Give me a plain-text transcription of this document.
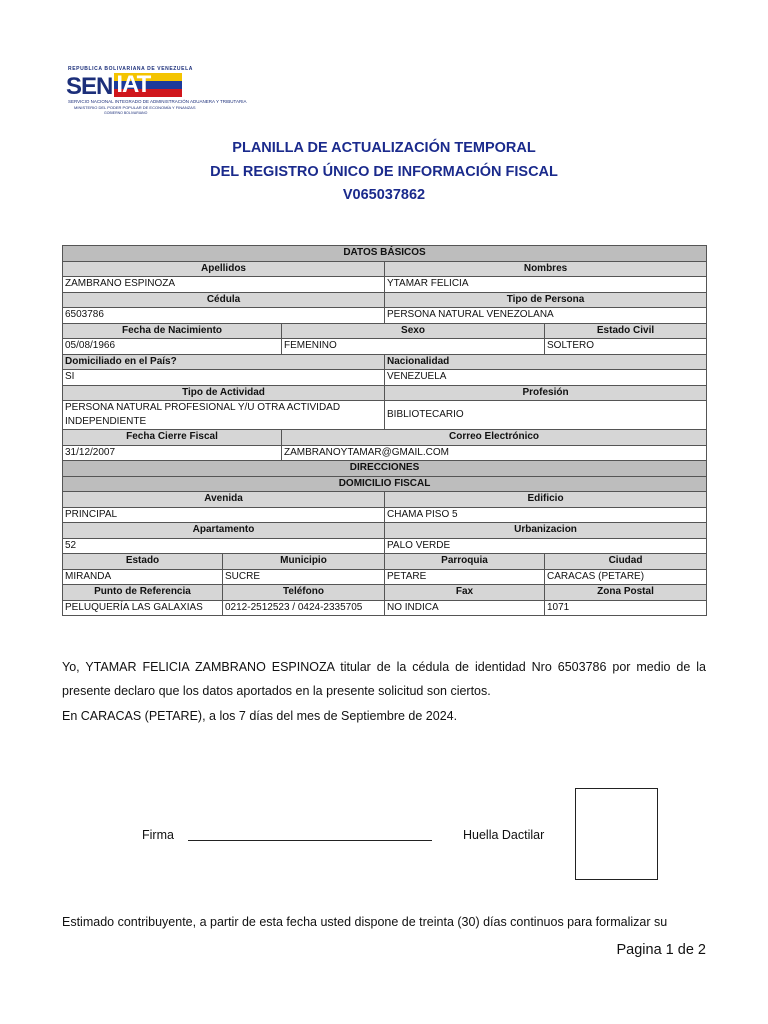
REPUBLICA BOLIVARIANA DE VENEZUELA
SEN IAT
SERVICIO NACIONAL INTEGRADO DE ADMINISTRACIÓN ADUANERA Y TRIBUTARIA
MINISTERIO DEL PODER POPULAR DE ECONOMÍA Y FINANZAS
GOBIERNO BOLIVARIANO
PLANILLA DE ACTUALIZACIÓN TEMPORAL
DEL REGISTRO ÚNICO DE INFORMACIÓN FISCAL
V065037862
DATOS BÁSICOS				
Apellidos			Nombres	
ZAMBRANO ESPINOZA			YTAMAR FELICIA	
Cédula			Tipo de Persona	
6503786			PERSONA NATURAL VENEZOLANA	
Fecha de Nacimiento		Sexo		Estado Civil
05/08/1966		FEMENINO		SOLTERO
Domiciliado en el País?			Nacionalidad	
SI			VENEZUELA	
Tipo de Actividad			Profesión	
PERSONA NATURAL PROFESIONAL Y/U OTRA ACTIVIDAD INDEPENDIENTE			BIBLIOTECARIO	
Fecha Cierre Fiscal		Correo Electrónico		
31/12/2007		ZAMBRANOYTAMAR@GMAIL.COM		
DIRECCIONES				
DOMICILIO FISCAL				
Avenida			Edificio	
PRINCIPAL			CHAMA PISO 5	
Apartamento			Urbanizacion	
52			PALO VERDE	
Estado	Municipio		Parroquia	Ciudad
MIRANDA	SUCRE		PETARE	CARACAS (PETARE)
Punto de Referencia	Teléfono		Fax	Zona Postal
PELUQUERÍA LAS GALAXIAS	0212-2512523 / 0424-2335705		NO INDICA	1071
Yo, YTAMAR FELICIA ZAMBRANO ESPINOZA titular de la cédula de identidad Nro 6503786 por medio de la presente declaro que los datos aportados en la presente solicitud son ciertos.
En CARACAS (PETARE), a los 7 días del mes de Septiembre de 2024.
Firma	Huella Dactilar
Estimado contribuyente, a partir de esta fecha usted dispone de treinta (30) días continuos para formalizar su
Pagina 1 de 2
